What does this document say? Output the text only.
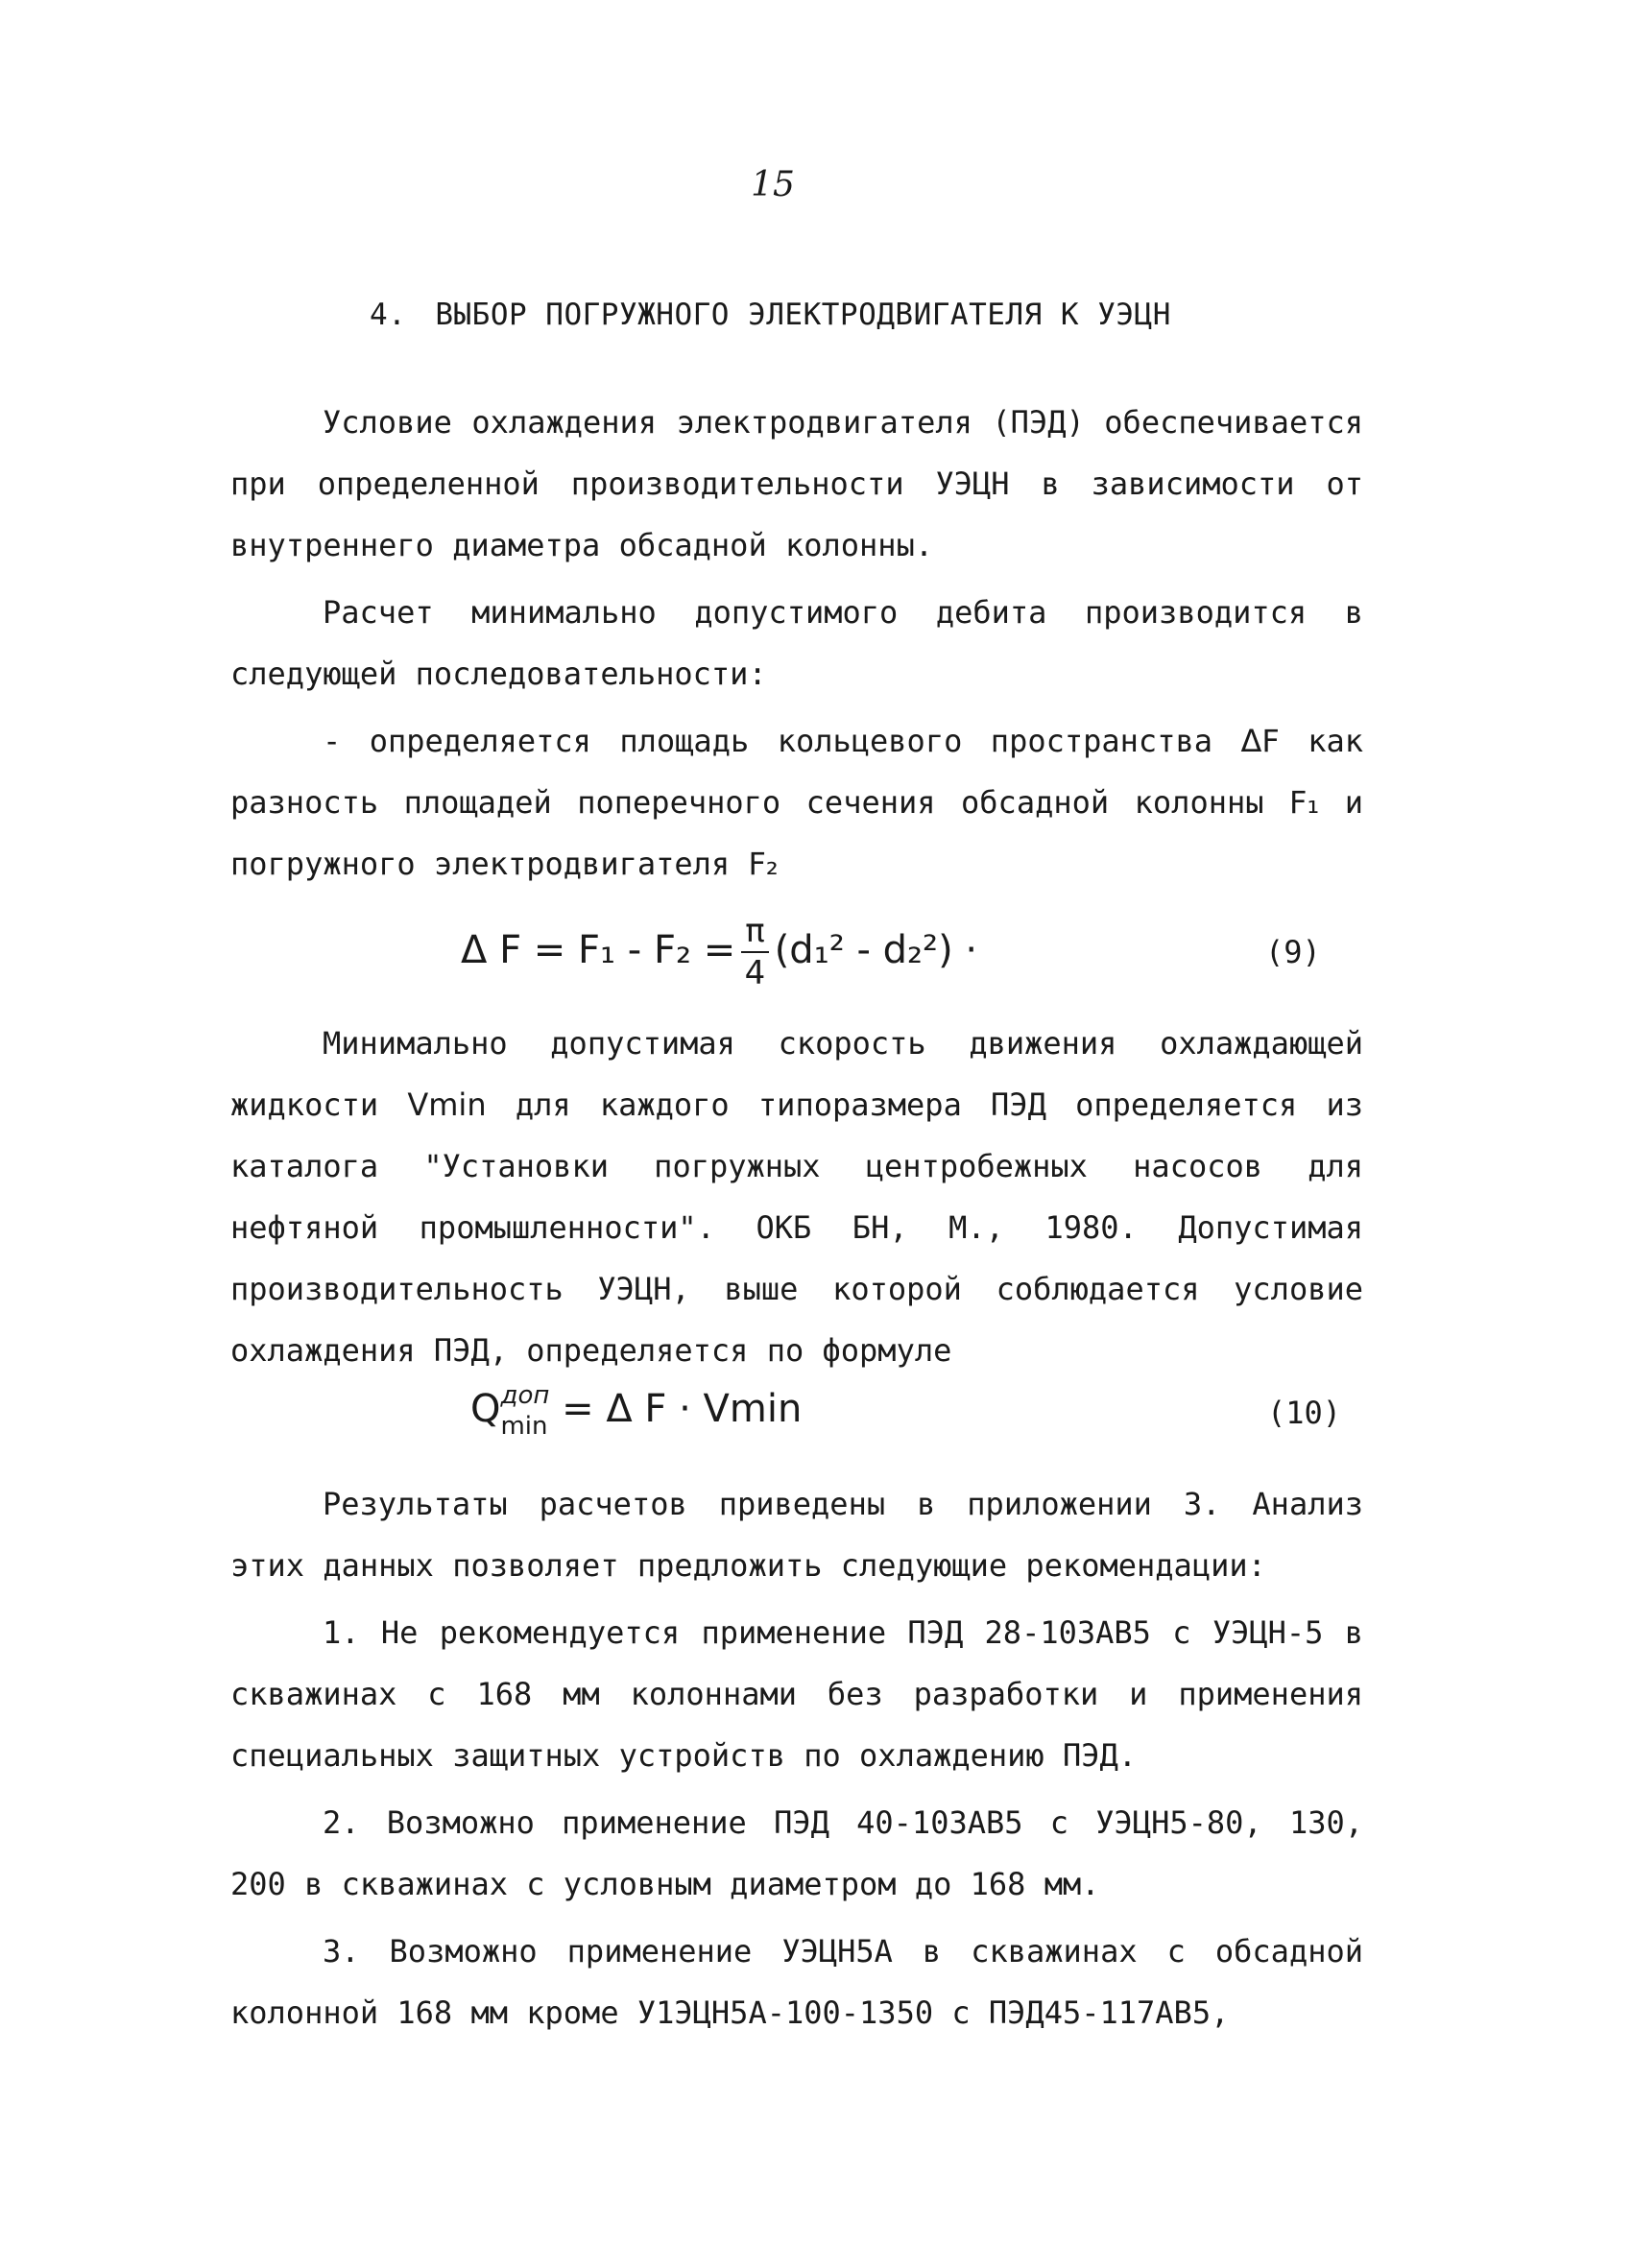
15
4. ВЫБОР ПОГРУЖНОГО ЭЛЕКТРОДВИГАТЕЛЯ К УЭЦН

Условие охлаждения электродвигателя (ПЭД) обеспечивается при определенной производительности УЭЦН в зависимости от внутреннего диаметра обсадной колонны.

Расчет минимально допустимого дебита производится в следующей последовательности:

- определяется площадь кольцевого пространства ΔF как разность площадей поперечного сечения обсадной колонны F₁ и погружного электродвигателя F₂

Δ $F = F_1 - F_2 = \frac{\pi}{4} (d_1^2 - d_2^2)$ ·	(9)

Минимально допустимая скорость движения охлаждающей жидкости Vmin для каждого типоразмера ПЭД определяется из каталога "Установки погружных центробежных насосов для нефтяной промышленности". ОКБ БН, М., 1980. Допустимая производительность УЭЦН, выше которой соблюдается условие охлаждения ПЭД, определяется по формуле

Q доп
min = Δ F · Vmin	(10)

Результаты расчетов приведены в приложении 3. Анализ этих данных позволяет предложить следующие рекомендации:

1. Не рекомендуется применение ПЭД 28-103АВ5 с УЭЦН-5 в скважинах с 168 мм колоннами без разработки и применения специальных защитных устройств по охлаждению ПЭД.

2. Возможно применение ПЭД 40-103АВ5 с УЭЦН5-80, 130, 200 в скважинах с условным диаметром до 168 мм.

3. Возможно применение УЭЦН5А в скважинах с обсадной колонной 168 мм кроме У1ЭЦН5А-100-1350 с ПЭД45-117АВ5,
